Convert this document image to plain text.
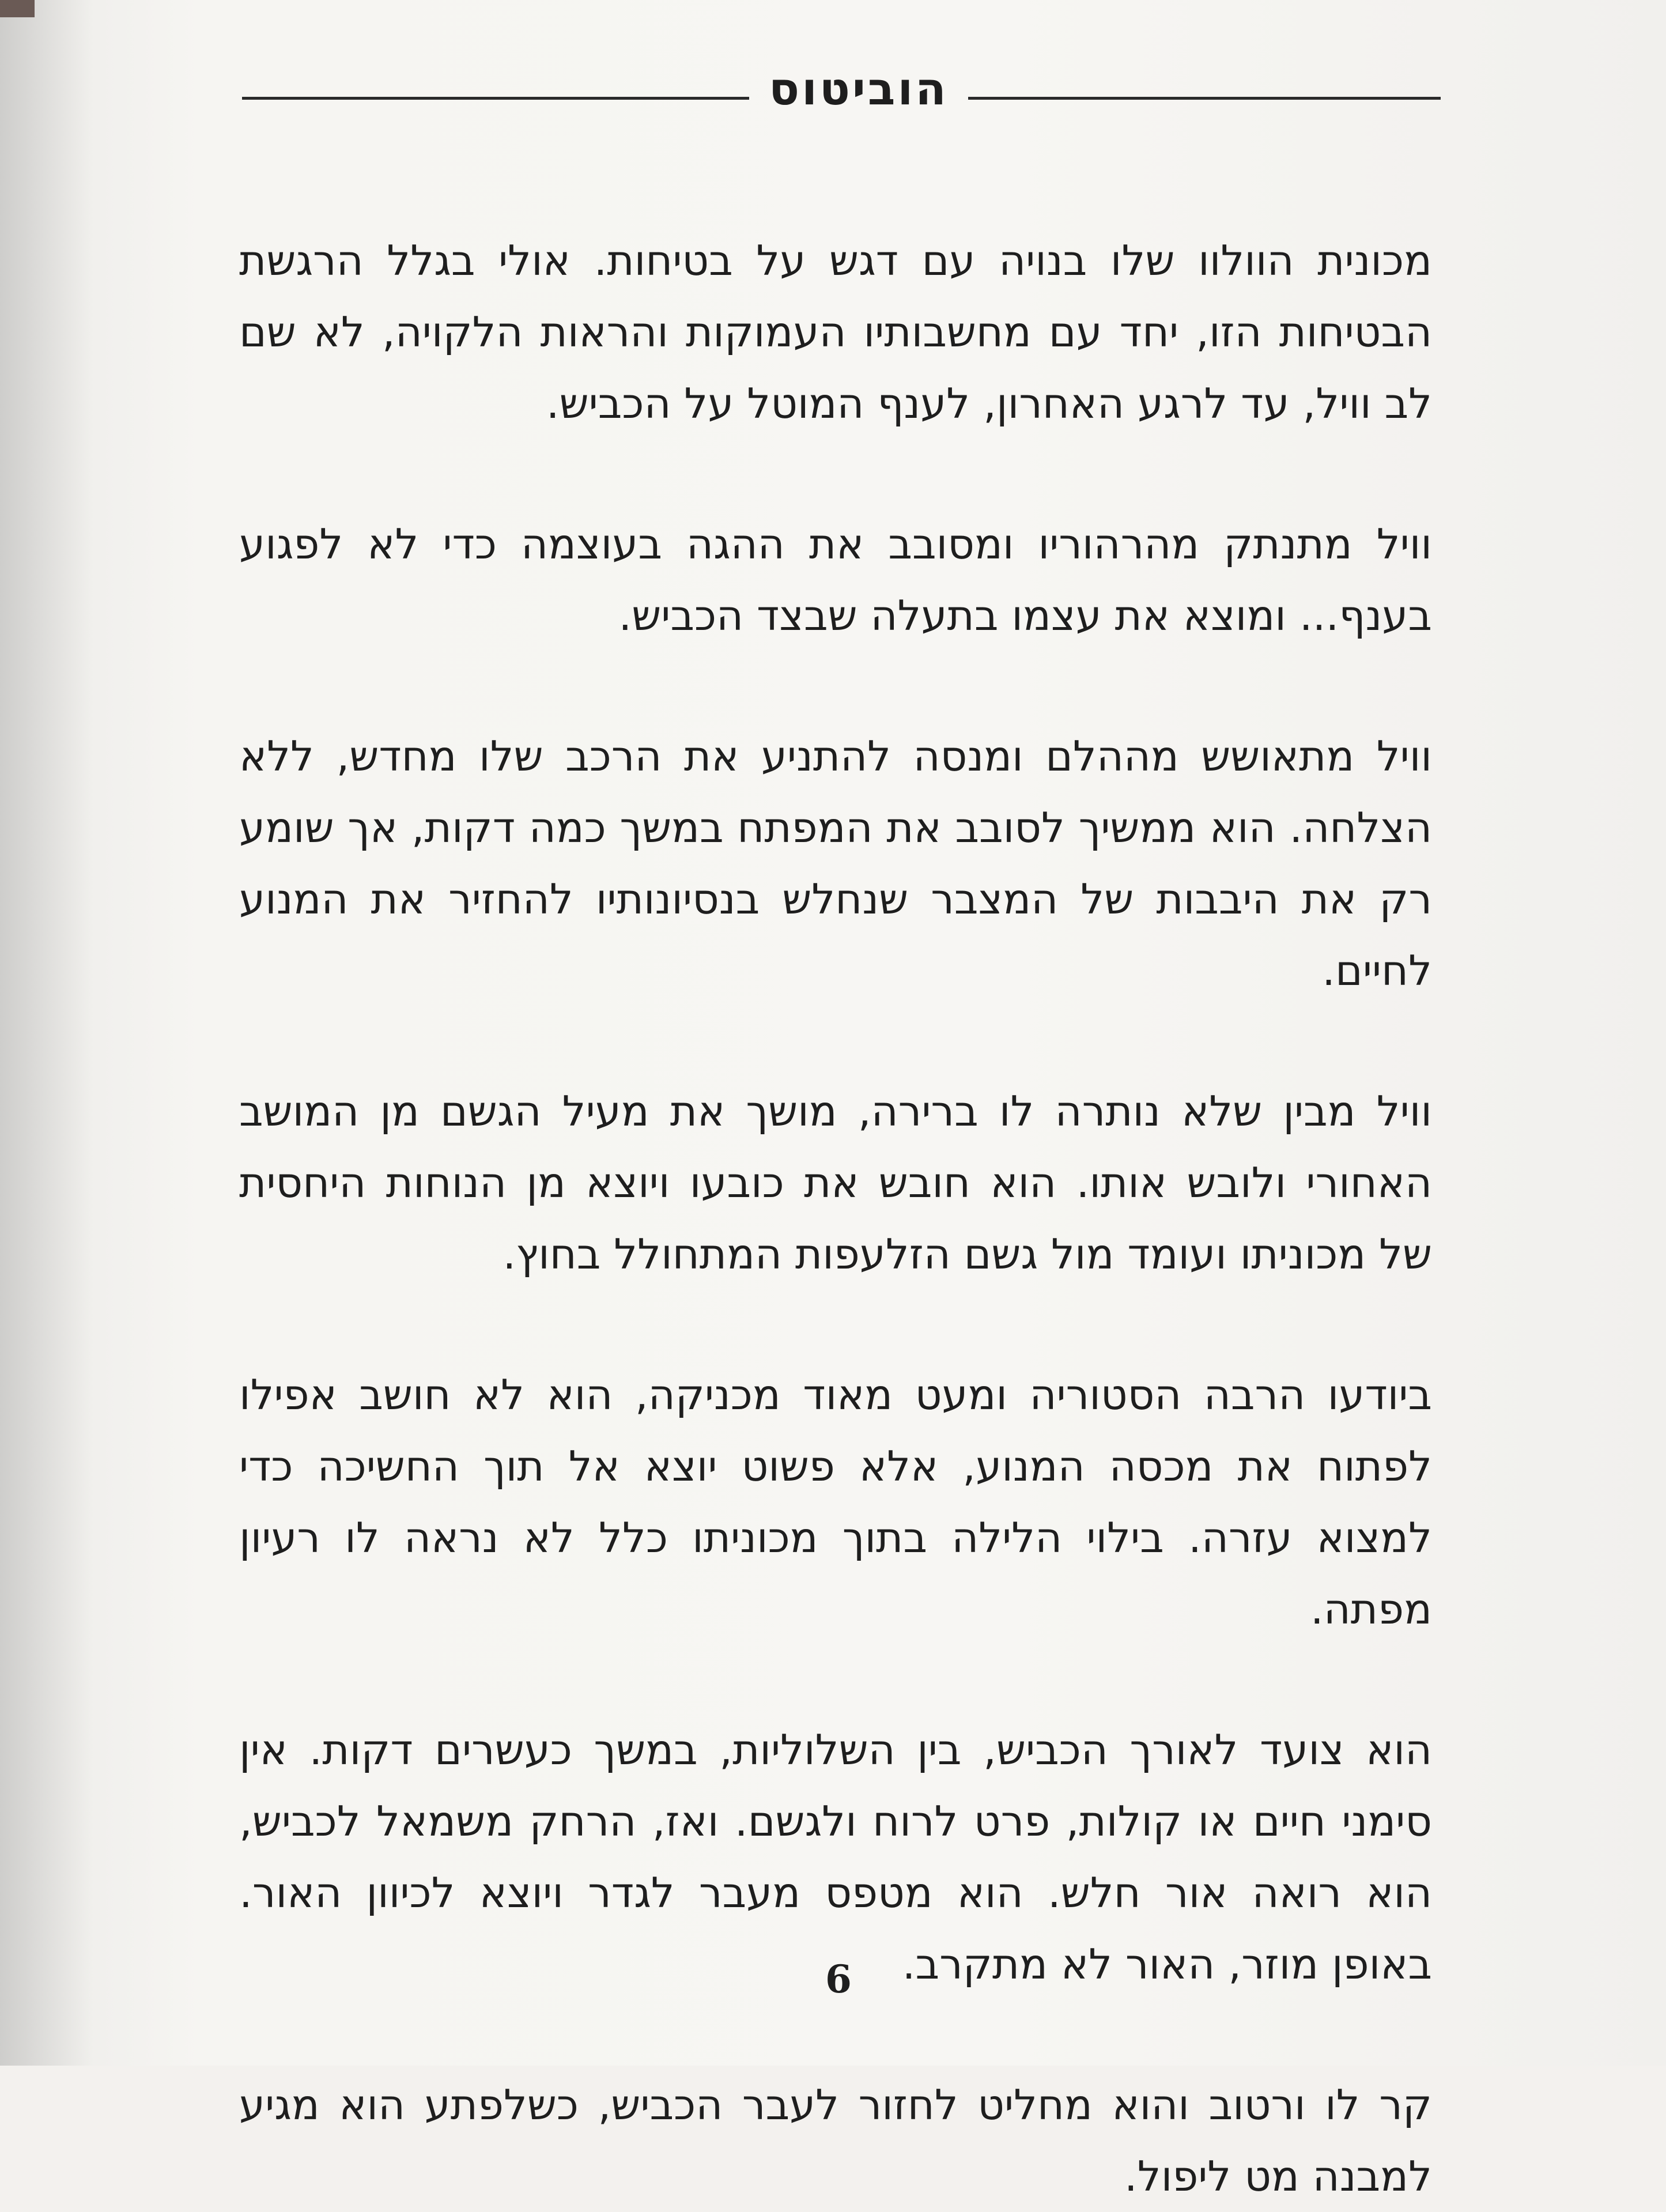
הוביטוס

מכונית הוולוו שלו בנויה עם דגש על בטיחות. אולי בגלל הרגשת הבטיחות הזו, יחד עם מחשבותיו העמוקות והראות הלקויה, לא שם לב וויל, עד לרגע האחרון, לענף המוטל על הכביש.

וויל מתנתק מהרהוריו ומסובב את ההגה בעוצמה כדי לא לפגוע בענף... ומוצא את עצמו בתעלה שבצד הכביש.

וויל מתאושש מההלם ומנסה להתניע את הרכב שלו מחדש, ללא הצלחה. הוא ממשיך לסובב את המפתח במשך כמה דקות, אך שומע רק את היבבות של המצבר שנחלש בנסיונותיו להחזיר את המנוע לחיים.

וויל מבין שלא נותרה לו ברירה, מושך את מעיל הגשם מן המושב האחורי ולובש אותו. הוא חובש את כובעו ויוצא מן הנוחות היחסית של מכוניתו ועומד מול גשם הזלעפות המתחולל בחוץ.

ביודעו הרבה הסטוריה ומעט מאוד מכניקה, הוא לא חושב אפילו לפתוח את מכסה המנוע, אלא פשוט יוצא אל תוך החשיכה כדי למצוא עזרה. בילוי הלילה בתוך מכוניתו כלל לא נראה לו רעיון מפתה.

הוא צועד לאורך הכביש, בין השלוליות, במשך כעשרים דקות. אין סימני חיים או קולות, פרט לרוח ולגשם. ואז, הרחק משמאל לכביש, הוא רואה אור חלש. הוא מטפס מעבר לגדר ויוצא לכיוון האור. באופן מוזר, האור לא מתקרב.

קר לו ורטוב והוא מחליט לחזור לעבר הכביש, כשלפתע הוא מגיע למבנה מט ליפול.

6
